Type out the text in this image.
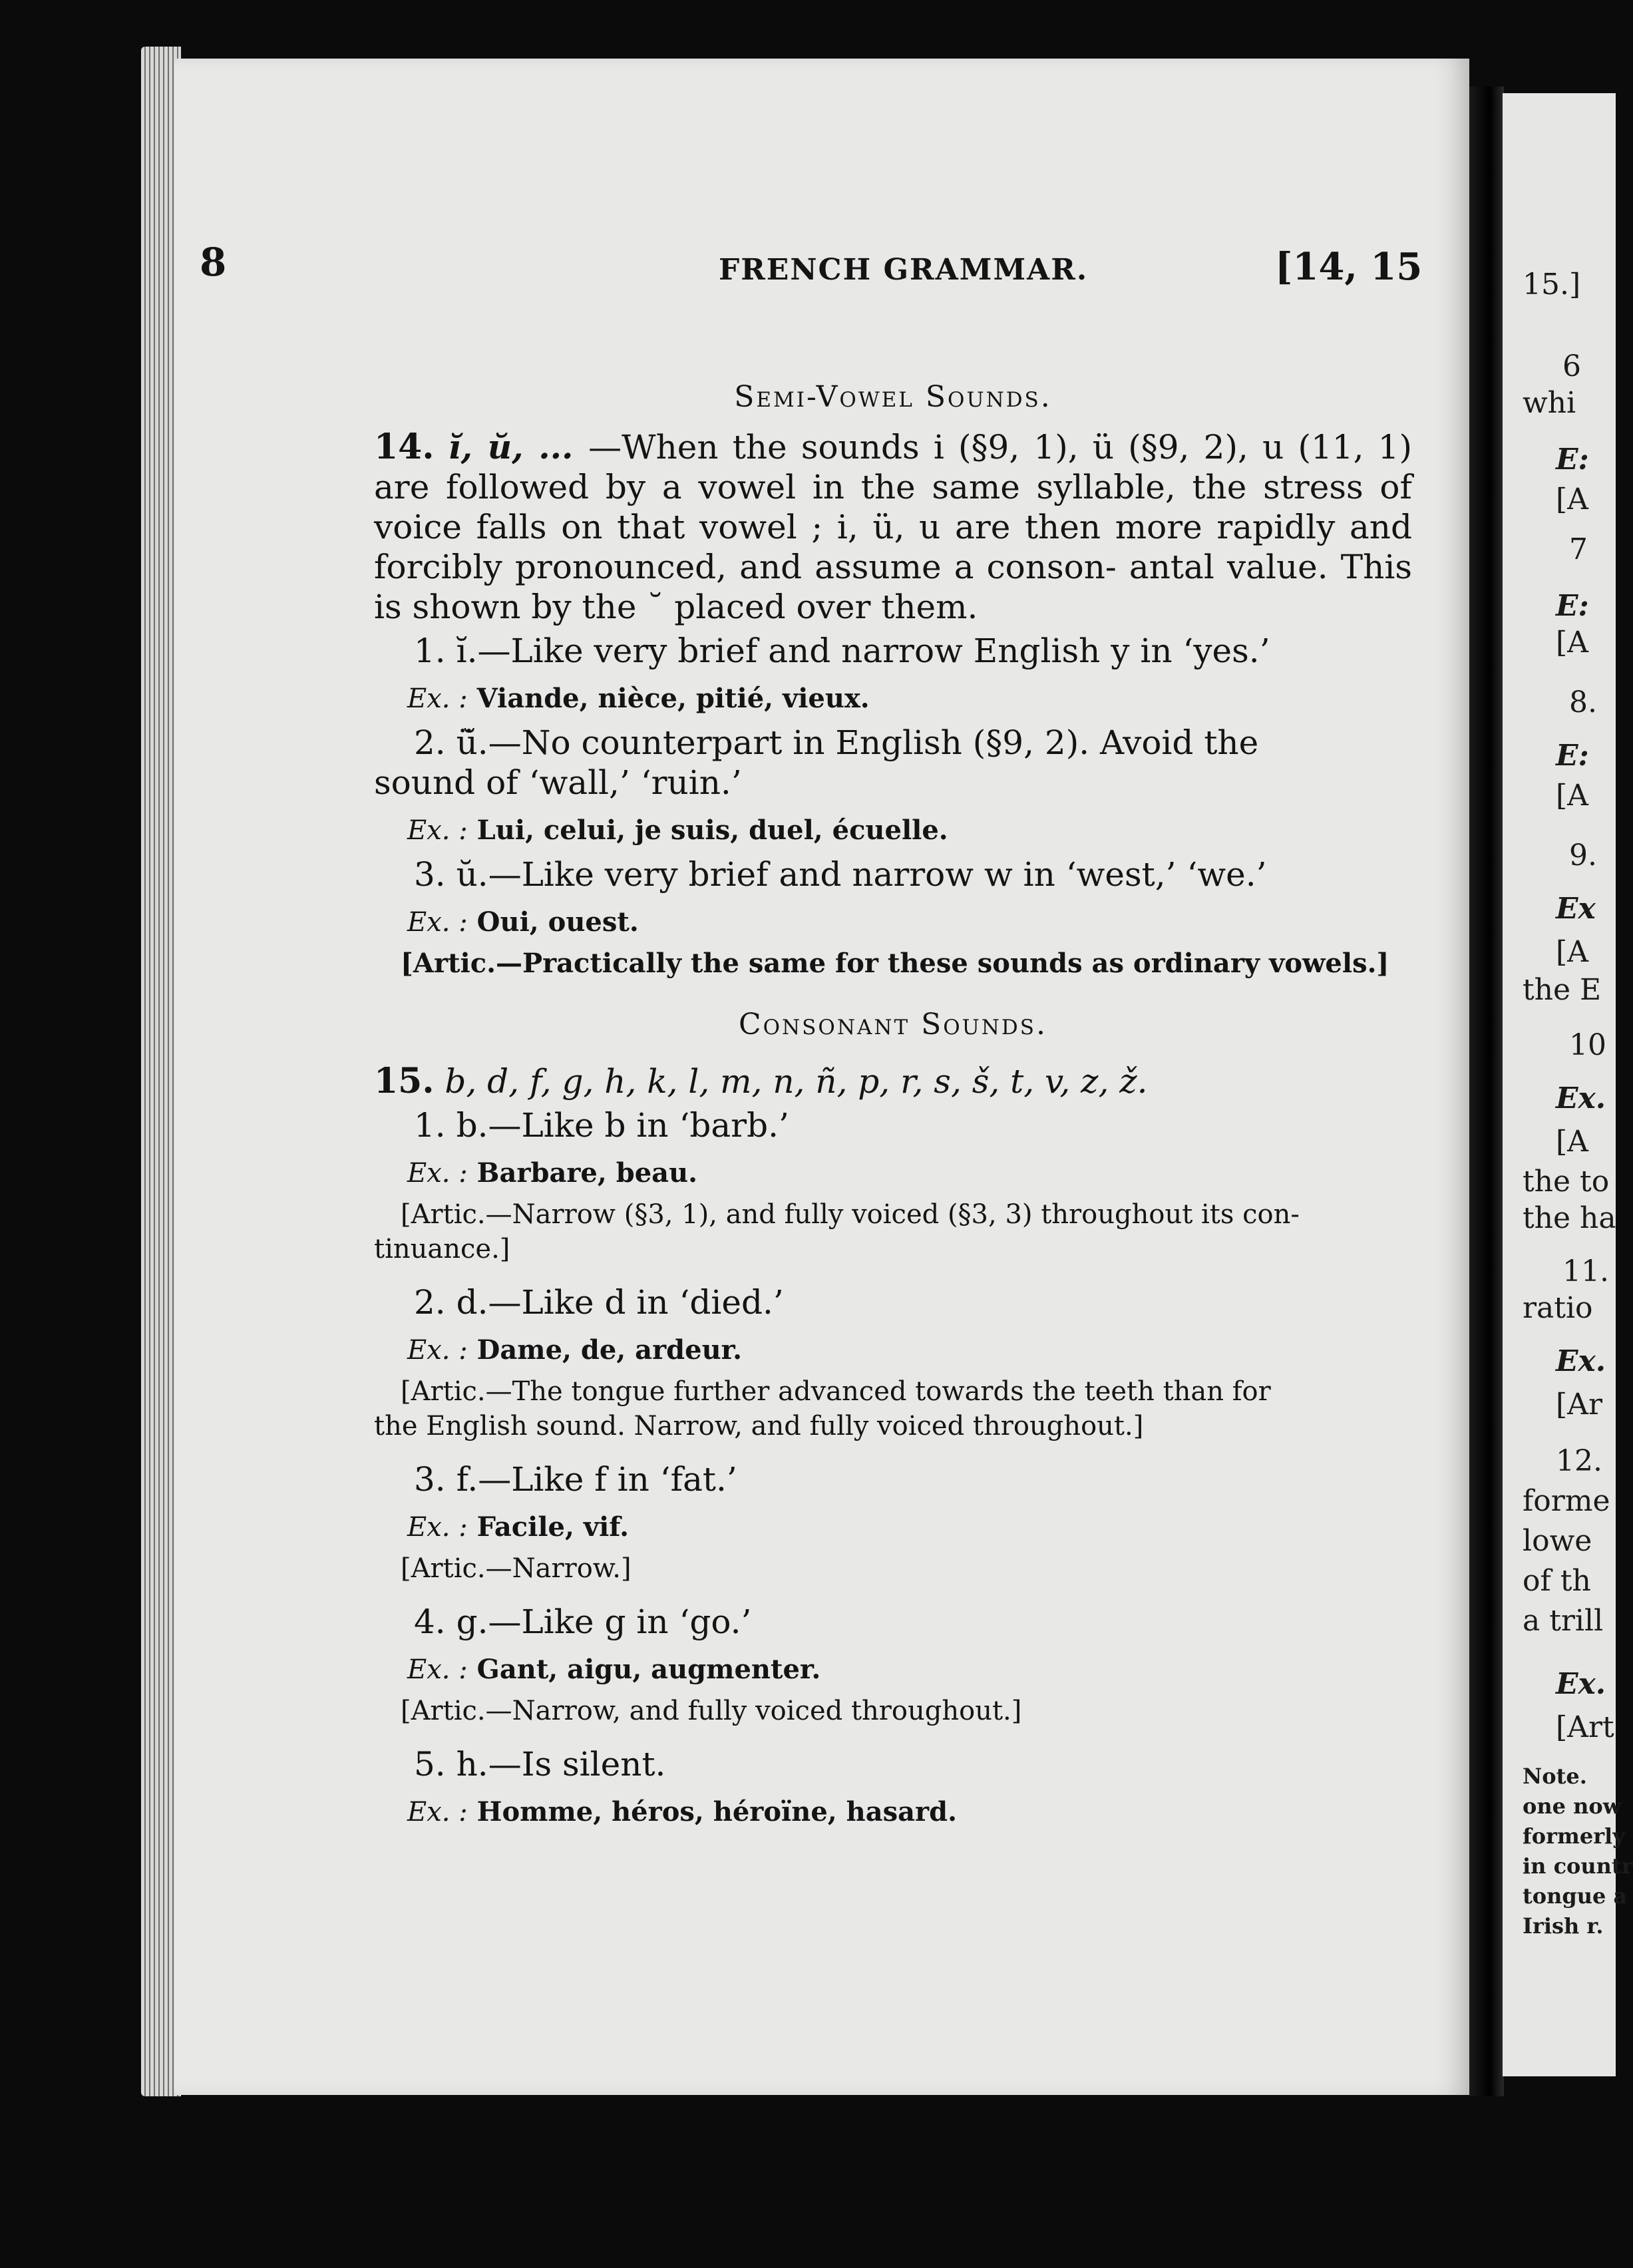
15.]
6
whi
E:
[A
7
E:
[A
8.
E:
[A
9.
Ex
[A
the E
10
Ex.
[A
the to
the ha
11.
ratio
Ex.
[Ar
12.
forme
lowe
of th
a trill
Ex.
[Art
Note.
one now
formerly
in countr
tongue a
Irish r.
8	FRENCH GRAMMAR.	[14, 15
Semi-Vowel Sounds.
14. ĭ, ŭ, ... —When the sounds i (§9, 1), ü (§9, 2), u (11, 1) are followed by a vowel in the same syllable, the stress of voice falls on that vowel ; i, ü, u are then more rapidly and forcibly pronounced, and assume a conson- antal value. This is shown by the ˘ placed over them.
1. ĭ.—Like very brief and narrow English y in ‘yes.’
Ex. : Viande, nièce, pitié, vieux.
2. ü̆.—No counterpart in English (§9, 2). Avoid the
sound of ‘wall,’ ‘ruin.’
Ex. : Lui, celui, je suis, duel, écuelle.
3. ŭ.—Like very brief and narrow w in ‘west,’ ‘we.’
Ex. : Oui, ouest.
[Artic.—Practically the same for these sounds as ordinary vowels.]
Consonant Sounds.
15. b, d, f, g, h, k, l, m, n, ñ, p, r, s, š, t, v, z, ž.
1. b.—Like b in ‘barb.’
Ex. : Barbare, beau.
[Artic.—Narrow (§3, 1), and fully voiced (§3, 3) throughout its con-
tinuance.]
2. d.—Like d in ‘died.’
Ex. : Dame, de, ardeur.
[Artic.—The tongue further advanced towards the teeth than for
the English sound. Narrow, and fully voiced throughout.]
3. f.—Like f in ‘fat.’
Ex. : Facile, vif.
[Artic.—Narrow.]
4. g.—Like g in ‘go.’
Ex. : Gant, aigu, augmenter.
[Artic.—Narrow, and fully voiced throughout.]
5. h.—Is silent.
Ex. : Homme, héros, héroïne, hasard.
